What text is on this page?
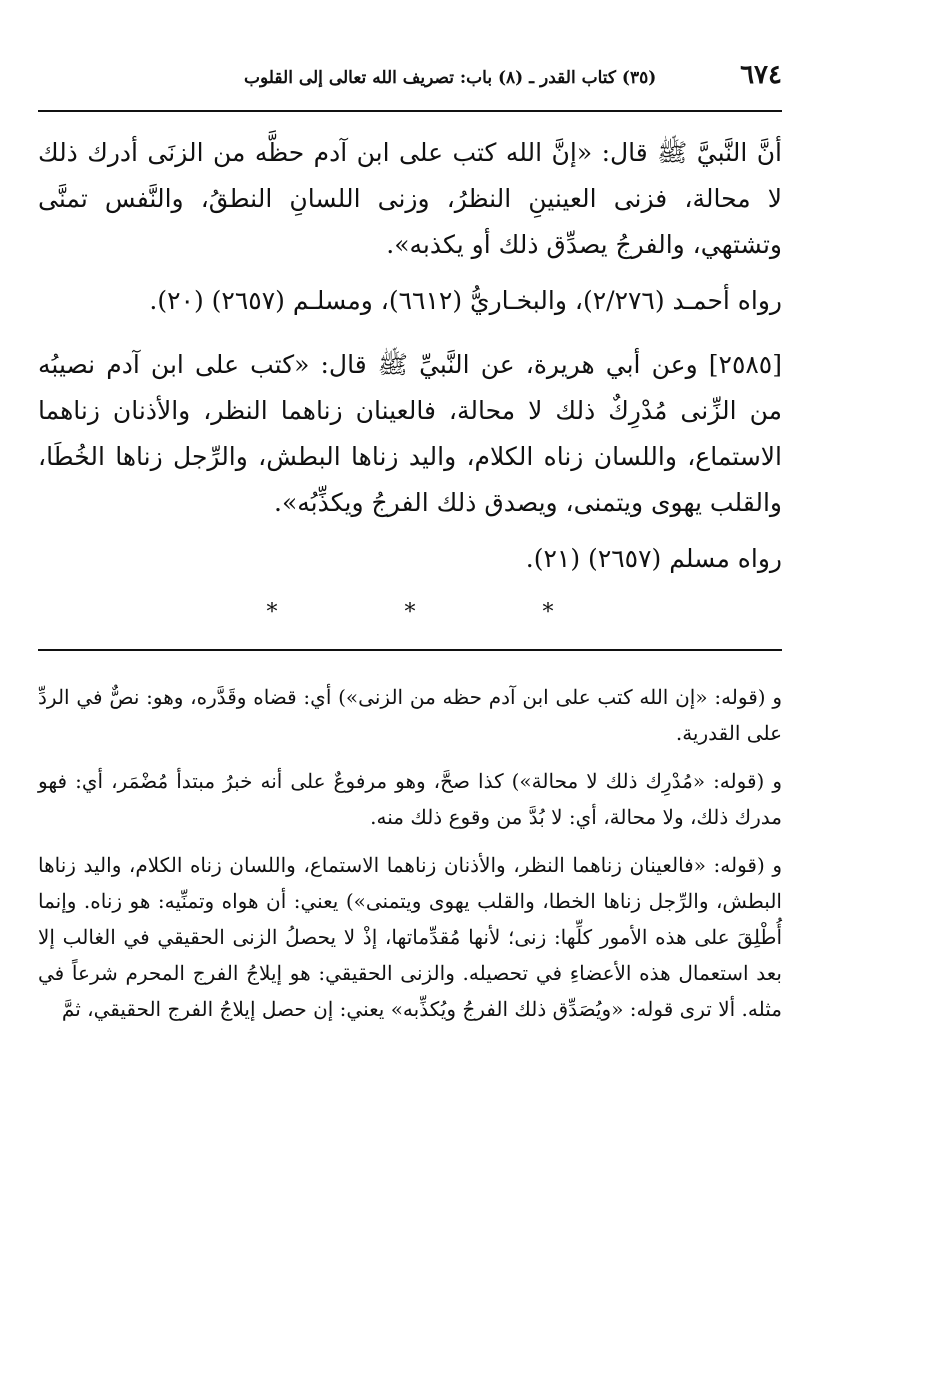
٦٧٤
(٣٥) كتاب القدر ـ (٨) باب: تصريف الله تعالى إلى القلوب

أنَّ النَّبيَّ ﷺ قال: «إنَّ الله كتب على ابن آدم حظَّه من الزنَى أدرك ذلك لا محالة، فزنى العينينِ النظرُ، وزنى اللسانِ النطقُ، والنَّفس تمنَّى وتشتهي، والفرجُ يصدِّق ذلك أو يكذبه».

رواه أحمـد (٢/٢٧٦)، والبخـاريُّ (٦٦١٢)، ومسلـم (٢٦٥٧) (٢٠).

[٢٥٨٥] وعن أبي هريرة، عن النَّبيِّ ﷺ قال: «كتب على ابن آدم نصيبُه من الزِّنى مُدْرِكٌ ذلك لا محالة، فالعينان زناهما النظر، والأذنان زناهما الاستماع، واللسان زناه الكلام، واليد زناها البطش، والرِّجل زناها الخُطَا، والقلب يهوى ويتمنى، ويصدق ذلك الفرجُ ويكذِّبُه».

رواه مسلم (٢٦٥٧) (٢١).

* * *

و (قوله: «إن الله كتب على ابن آدم حظه من الزنى») أي: قضاه وقَدَّره، وهو: نصٌّ في الردِّ على القدرية.

و (قوله: «مُدْرِك ذلك لا محالة») كذا صحَّ، وهو مرفوعٌ على أنه خبرُ مبتدأ مُضْمَر، أي: فهو مدرك ذلك، ولا محالة، أي: لا بُدَّ من وقوع ذلك منه.

و (قوله: «فالعينان زناهما النظر، والأذنان زناهما الاستماع، واللسان زناه الكلام، واليد زناها البطش، والرِّجل زناها الخطا، والقلب يهوى ويتمنى») يعني: أن هواه وتمنِّيه: هو زناه. وإنما أُطْلِقَ على هذه الأمور كلِّها: زنى؛ لأنها مُقدِّماتها، إذْ لا يحصلُ الزنى الحقيقي في الغالب إلا بعد استعمال هذه الأعضاءِ في تحصيله. والزنى الحقيقي: هو إيلاجُ الفرج المحرم شرعاً في مثله. ألا ترى قوله: «ويُصَدِّق ذلك الفرجُ ويُكذِّبه» يعني: إن حصل إيلاجُ الفرج الحقيقي، ثمَّ
